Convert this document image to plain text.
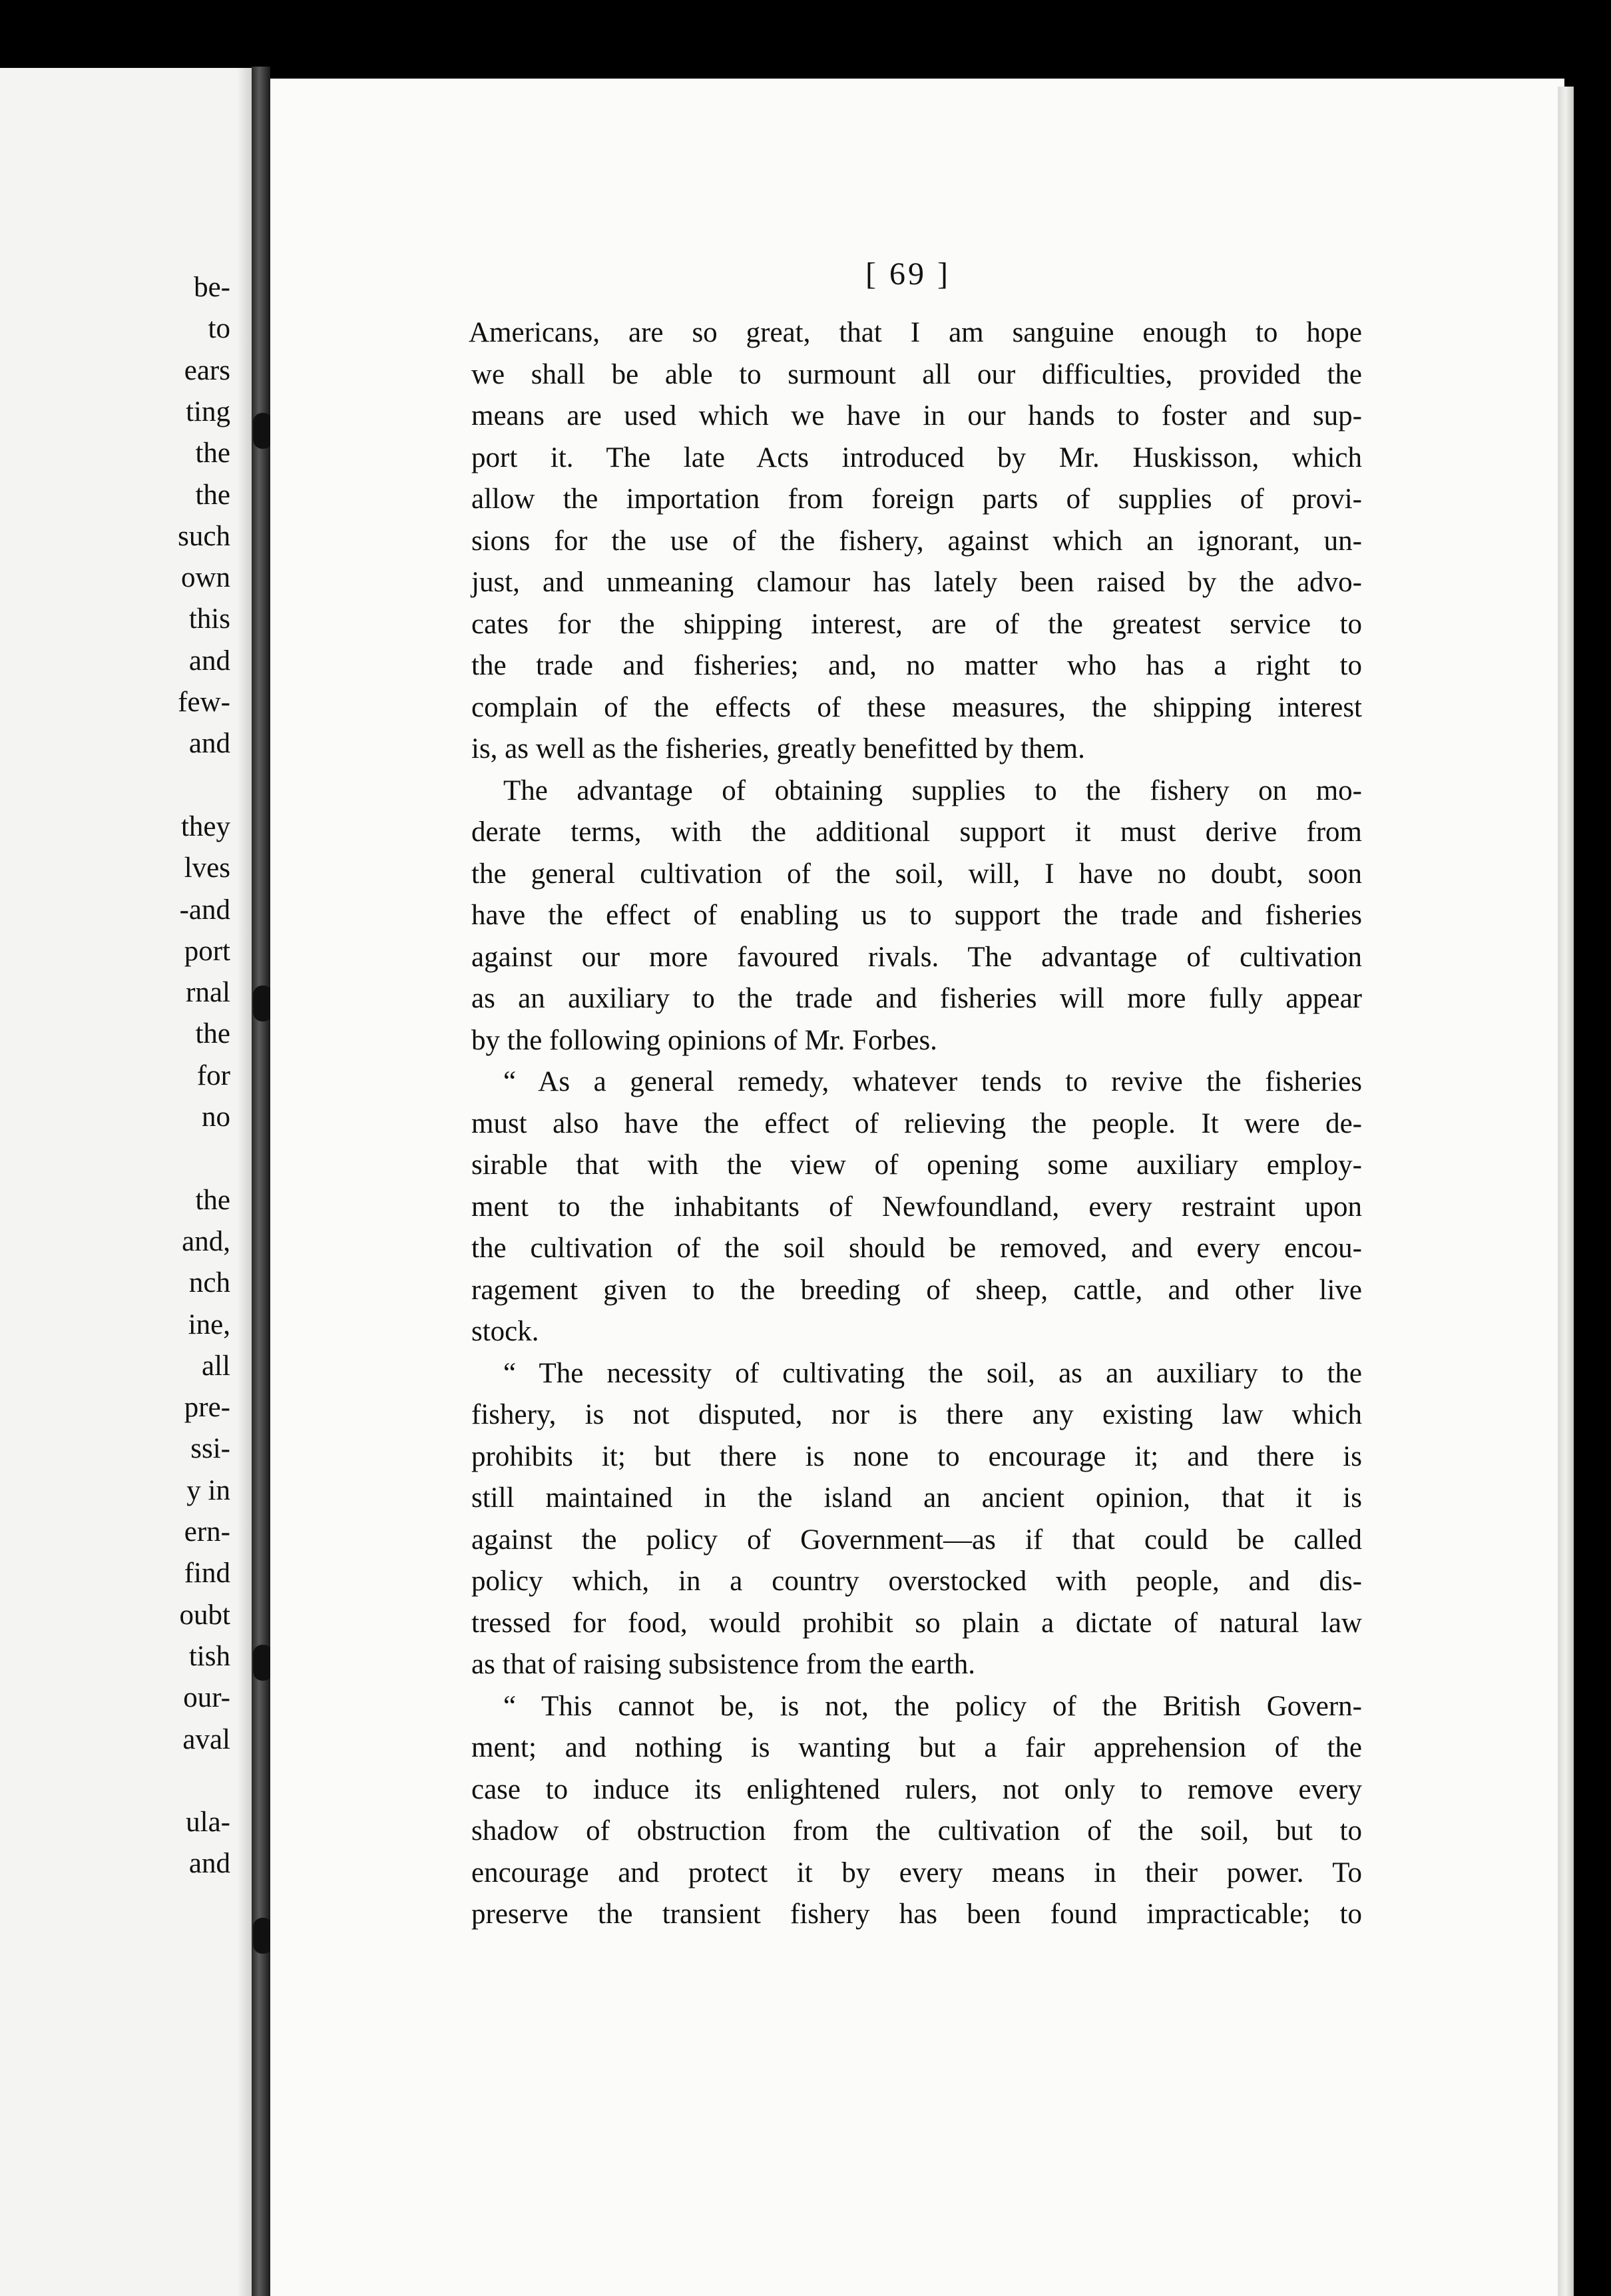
be-
to
ears
ting
the
the
such
own
this
and
few-
and
they
lves
-and
port
rnal
the
for
no
the
and,
nch
ine,
all
pre-
ssi-
y in
ern-
find
oubt
tish
our-
aval
ula-
and
[ 69 ]
Americans, are so great, that I am sanguine enough to hope
we shall be able to surmount all our difficulties, provided the
means are used which we have in our hands to foster and sup-
port it. The late Acts introduced by Mr. Huskisson, which
allow the importation from foreign parts of supplies of provi-
sions for the use of the fishery, against which an ignorant, un-
just, and unmeaning clamour has lately been raised by the advo-
cates for the shipping interest, are of the greatest service to
the trade and fisheries; and, no matter who has a right to
complain of the effects of these measures, the shipping interest
is, as well as the fisheries, greatly benefitted by them.
The advantage of obtaining supplies to the fishery on mo-
derate terms, with the additional support it must derive from
the general cultivation of the soil, will, I have no doubt, soon
have the effect of enabling us to support the trade and fisheries
against our more favoured rivals. The advantage of cultivation
as an auxiliary to the trade and fisheries will more fully appear
by the following opinions of Mr. Forbes.
“ As a general remedy, whatever tends to revive the fisheries
must also have the effect of relieving the people. It were de-
sirable that with the view of opening some auxiliary employ-
ment to the inhabitants of Newfoundland, every restraint upon
the cultivation of the soil should be removed, and every encou-
ragement given to the breeding of sheep, cattle, and other live
stock.
“ The necessity of cultivating the soil, as an auxiliary to the
fishery, is not disputed, nor is there any existing law which
prohibits it; but there is none to encourage it; and there is
still maintained in the island an ancient opinion, that it is
against the policy of Government—as if that could be called
policy which, in a country overstocked with people, and dis-
tressed for food, would prohibit so plain a dictate of natural law
as that of raising subsistence from the earth.
“ This cannot be, is not, the policy of the British Govern-
ment; and nothing is wanting but a fair apprehension of the
case to induce its enlightened rulers, not only to remove every
shadow of obstruction from the cultivation of the soil, but to
encourage and protect it by every means in their power. To
preserve the transient fishery has been found impracticable; to
